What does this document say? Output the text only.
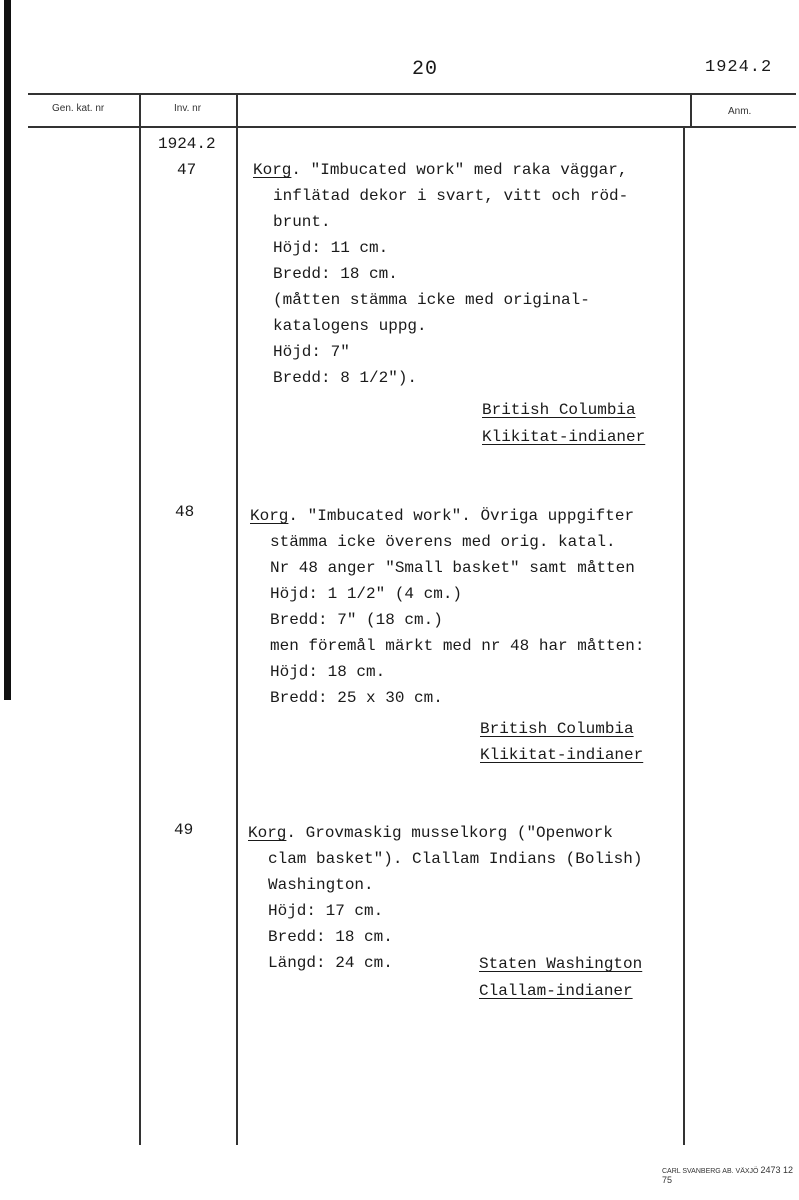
20	1924.2
Gen. kat. nr	Inv. nr	Anm.
1924.2
47	Korg. "Imbucated work" med raka väggar,
inflätad dekor i svart, vitt och röd-
brunt.
Höjd: 11 cm.
Bredd: 18 cm.
(måtten stämma icke med original-
katalogens uppg.
Höjd: 7"
Bredd: 8 1/2").
British Columbia
Klikitat-indianer
48	Korg. "Imbucated work". Övriga uppgifter
stämma icke överens med orig. katal.
Nr 48 anger "Small basket" samt måtten
Höjd: 1 1/2" (4 cm.)
Bredd: 7" (18 cm.)
men föremål märkt med nr 48 har måtten:
Höjd: 18 cm.
Bredd: 25 x 30 cm.
British Columbia
Klikitat-indianer
49	Korg. Grovmaskig musselkorg ("Openwork
clam basket"). Clallam Indians (Bolish)
Washington.
Höjd: 17 cm.
Bredd: 18 cm.
Längd: 24 cm.	Staten Washington
Clallam-indianer
CARL SVANBERG AB. VÄXJÖ 2473 12 75
